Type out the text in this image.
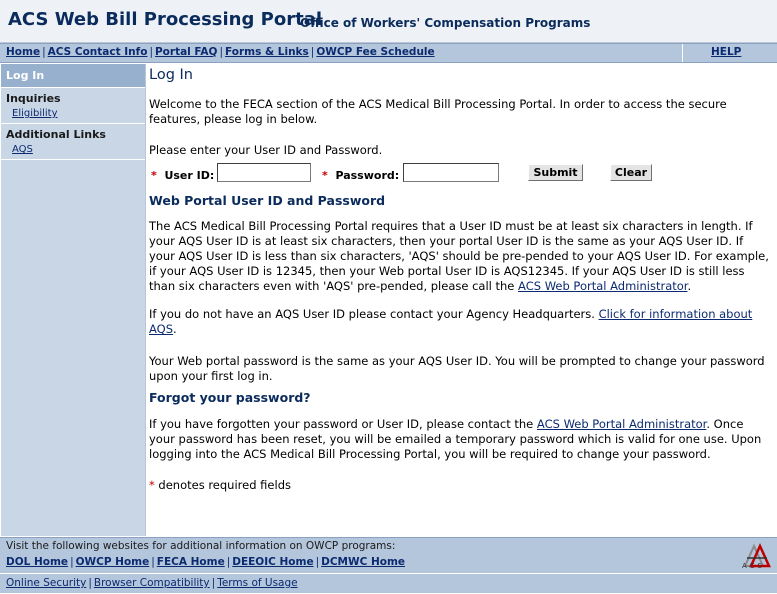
ACS Web Bill Processing Portal
Office of Workers' Compensation Programs
Home | ACS Contact Info | Portal FAQ | Forms & Links | OWCP Fee Schedule	HELP
Log In
Inquiries
Eligibility
Additional Links
AQS
Log In

Welcome to the FECA section of the ACS Medical Bill Processing Portal. In order to access the secure features, please log in below.

Please enter your User ID and Password.

* User ID:	* Password:	Submit	Clear
Web Portal User ID and Password

The ACS Medical Bill Processing Portal requires that a User ID must be at least six characters in length. If your AQS User ID is at least six characters, then your portal User ID is the same as your AQS User ID. If your AQS User ID is less than six characters, 'AQS' should be pre-pended to your AQS User ID. For example, if your AQS User ID is 12345, then your Web portal User ID is AQS12345. If your AQS User ID is still less than six characters even with 'AQS' pre-pended, please call the ACS Web Portal Administrator.

If you do not have an AQS User ID please contact your Agency Headquarters. Click for information about AQS.

Your Web portal password is the same as your AQS User ID. You will be prompted to change your password upon your first log in.

Forgot your password?

If you have forgotten your password or User ID, please contact the ACS Web Portal Administrator. Once your password has been reset, you will be emailed a temporary password which is valid for one use. Upon logging into the ACS Medical Bill Processing Portal, you will be required to change your password.

* denotes required fields

Visit the following websites for additional information on OWCP programs:
DOL Home | OWCP Home | FECA Home | DEEOIC Home | DCMWC Home
Online Security | Browser Compatibility | Terms of Usage
ACS
